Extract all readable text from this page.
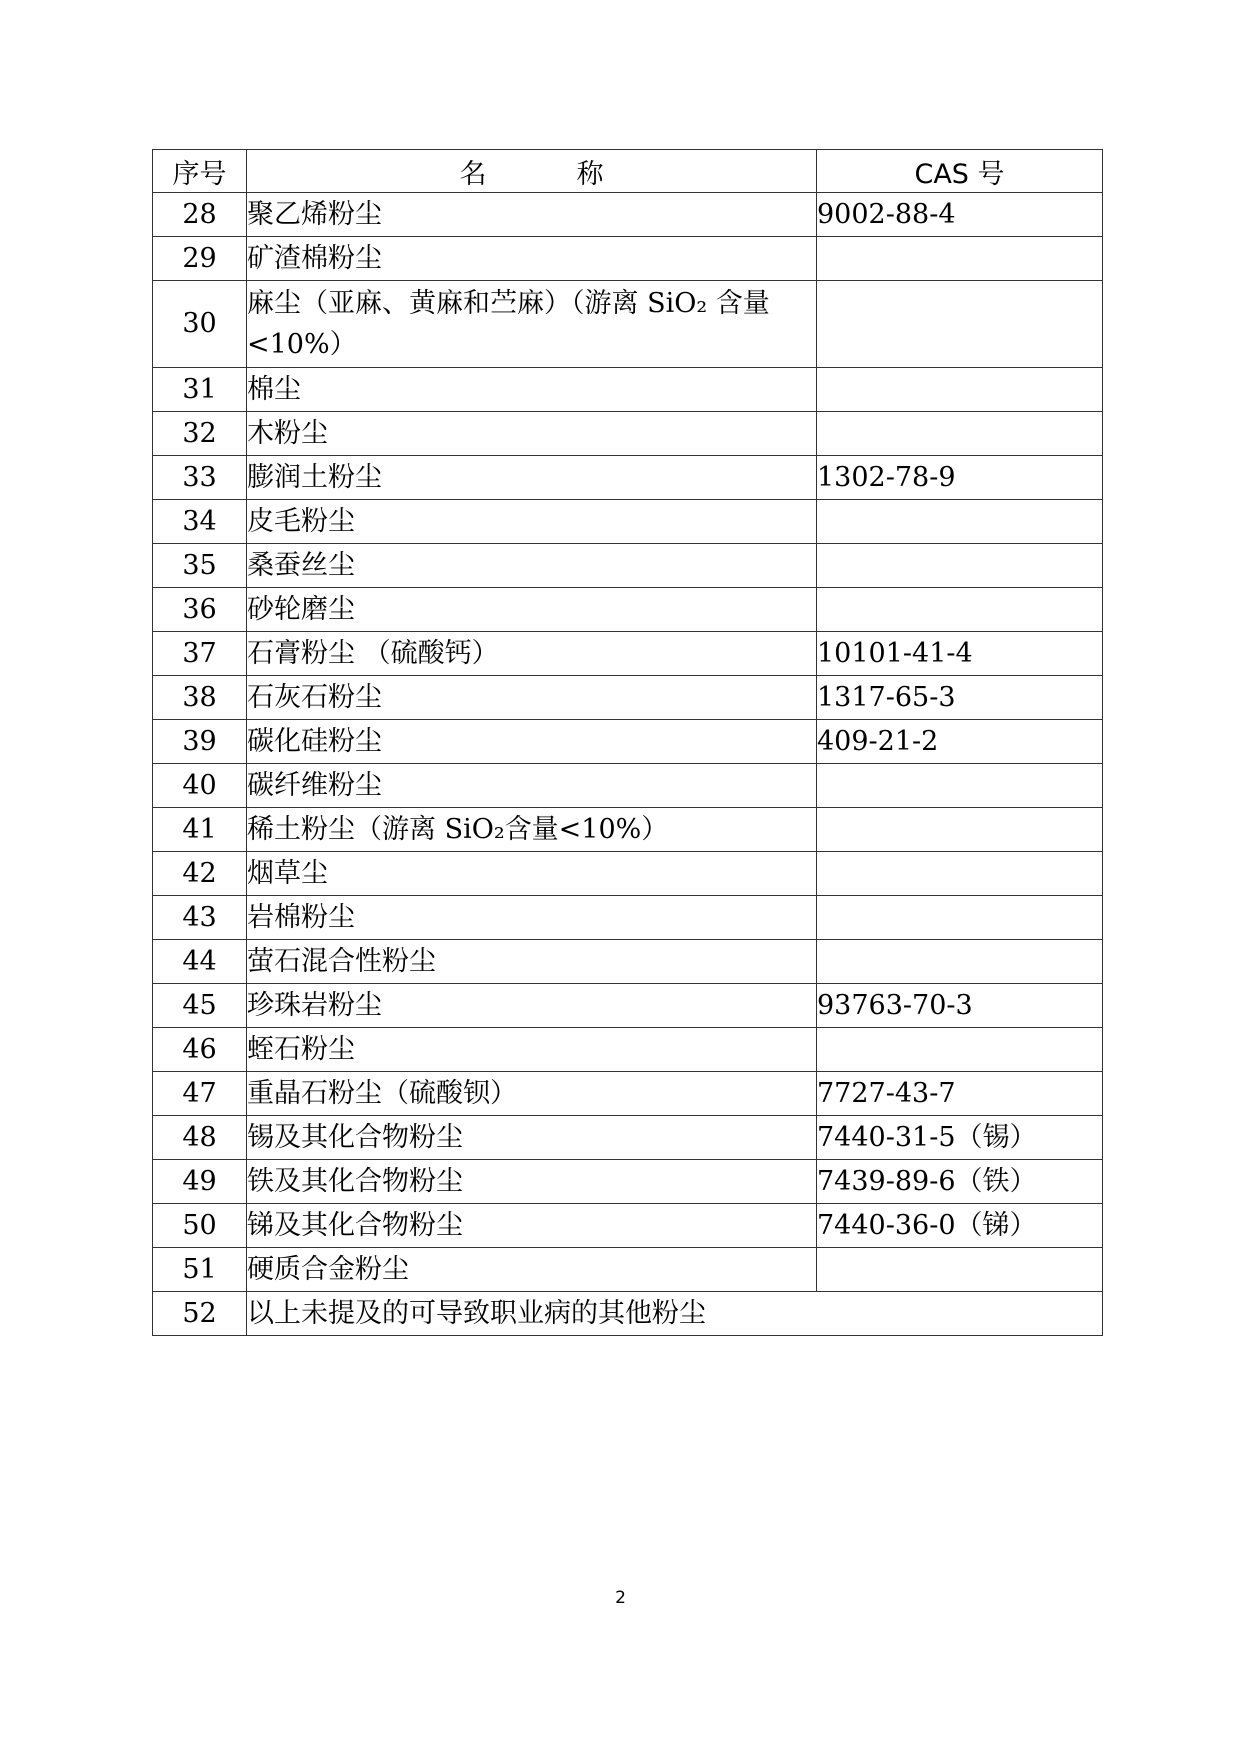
序号	名 称	CAS 号
28	聚乙烯粉尘	9002-88-4
29	矿渣棉粉尘	
30	麻尘（亚麻、黄麻和苎麻）（游离 SiO₂ 含量<10%）	
31	棉尘	
32	木粉尘	
33	膨润土粉尘	1302-78-9
34	皮毛粉尘	
35	桑蚕丝尘	
36	砂轮磨尘	
37	石膏粉尘 （硫酸钙）	10101-41-4
38	石灰石粉尘	1317-65-3
39	碳化硅粉尘	409-21-2
40	碳纤维粉尘	
41	稀土粉尘（游离 SiO₂含量<10%）	
42	烟草尘	
43	岩棉粉尘	
44	萤石混合性粉尘	
45	珍珠岩粉尘	93763-70-3
46	蛭石粉尘	
47	重晶石粉尘（硫酸钡）	7727-43-7
48	锡及其化合物粉尘	7440-31-5（锡）
49	铁及其化合物粉尘	7439-89-6（铁）
50	锑及其化合物粉尘	7440-36-0（锑）
51	硬质合金粉尘	
52	以上未提及的可导致职业病的其他粉尘	
2
